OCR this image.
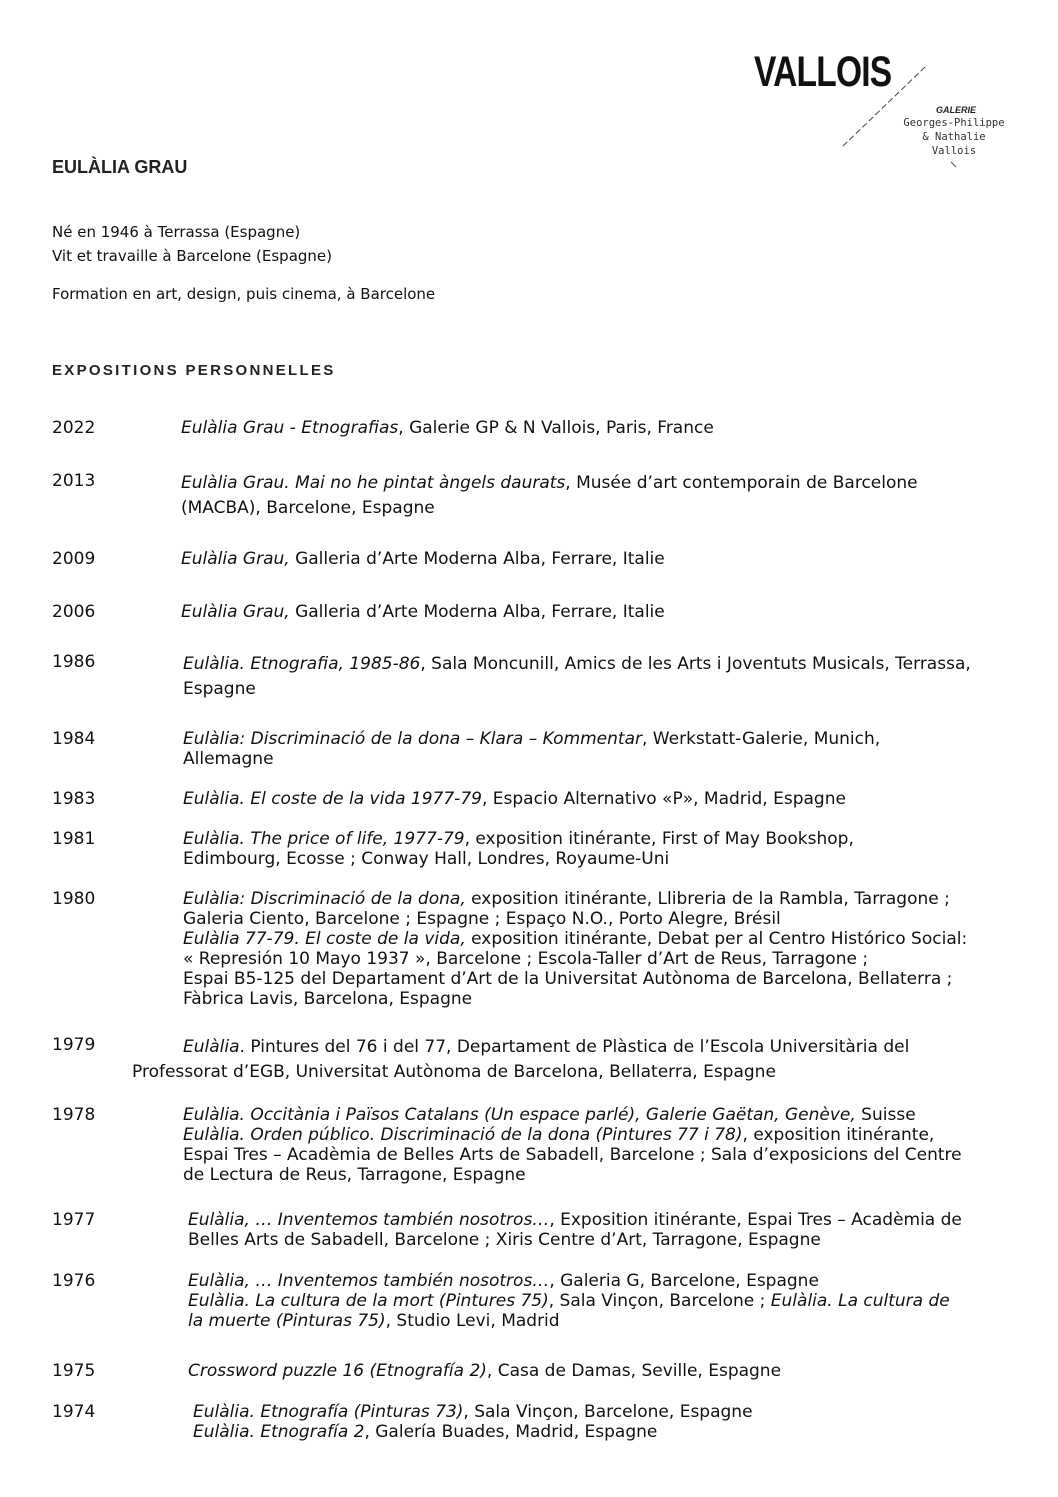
VALLOIS
GALERIE
Georges-Philippe
& Nathalie
Vallois
EULÀLIA GRAU
Né en 1946 à Terrassa (Espagne)
Vit et travaille à Barcelone (Espagne)
Formation en art, design, puis cinema, à Barcelone
EXPOSITIONS PERSONNELLES
2022	Eulàlia Grau - Etnografias, Galerie GP & N Vallois, Paris, France
2013	Eulàlia Grau. Mai no he pintat àngels daurats, Musée d’art contemporain de Barcelone
(MACBA), Barcelone, Espagne
2009	Eulàlia Grau, Galleria d’Arte Moderna Alba, Ferrare, Italie
2006	Eulàlia Grau, Galleria d’Arte Moderna Alba, Ferrare, Italie
1986	Eulàlia. Etnografia, 1985-86, Sala Moncunill, Amics de les Arts i Joventuts Musicals, Terrassa,
Espagne
1984	Eulàlia: Discriminació de la dona – Klara – Kommentar, Werkstatt-Galerie, Munich,
Allemagne
1983	Eulàlia. El coste de la vida 1977-79, Espacio Alternativo «P», Madrid, Espagne
1981	Eulàlia. The price of life, 1977-79, exposition itinérante, First of May Bookshop,
Edimbourg, Ecosse ; Conway Hall, Londres, Royaume-Uni
1980	Eulàlia: Discriminació de la dona, exposition itinérante, Llibreria de la Rambla, Tarragone ;
Galeria Ciento, Barcelone ; Espagne ; Espaço N.O., Porto Alegre, Brésil
Eulàlia 77-79. El coste de la vida, exposition itinérante, Debat per al Centro Histórico Social:
« Represión 10 Mayo 1937 », Barcelone ; Escola-Taller d’Art de Reus, Tarragone ;
Espai B5-125 del Departament d’Art de la Universitat Autònoma de Barcelona, Bellaterra ;
Fàbrica Lavis, Barcelona, Espagne
1979	Eulàlia. Pintures del 76 i del 77, Departament de Plàstica de l’Escola Universitària del
Professorat d’EGB, Universitat Autònoma de Barcelona, Bellaterra, Espagne
1978	Eulàlia. Occitània i Països Catalans (Un espace parlé), Galerie Gaëtan, Genève, Suisse
Eulàlia. Orden público. Discriminació de la dona (Pintures 77 i 78), exposition itinérante,
Espai Tres – Acadèmia de Belles Arts de Sabadell, Barcelone ; Sala d’exposicions del Centre
de Lectura de Reus, Tarragone, Espagne
1977	Eulàlia, … Inventemos también nosotros…, Exposition itinérante, Espai Tres – Acadèmia de
Belles Arts de Sabadell, Barcelone ; Xiris Centre d’Art, Tarragone, Espagne
1976	Eulàlia, … Inventemos también nosotros…, Galeria G, Barcelone, Espagne
Eulàlia. La cultura de la mort (Pintures 75), Sala Vinçon, Barcelone ; Eulàlia. La cultura de
la muerte (Pinturas 75), Studio Levi, Madrid
1975	Crossword puzzle 16 (Etnografía 2), Casa de Damas, Seville, Espagne
1974	Eulàlia. Etnografía (Pinturas 73), Sala Vinçon, Barcelone, Espagne
Eulàlia. Etnografía 2, Galería Buades, Madrid, Espagne
